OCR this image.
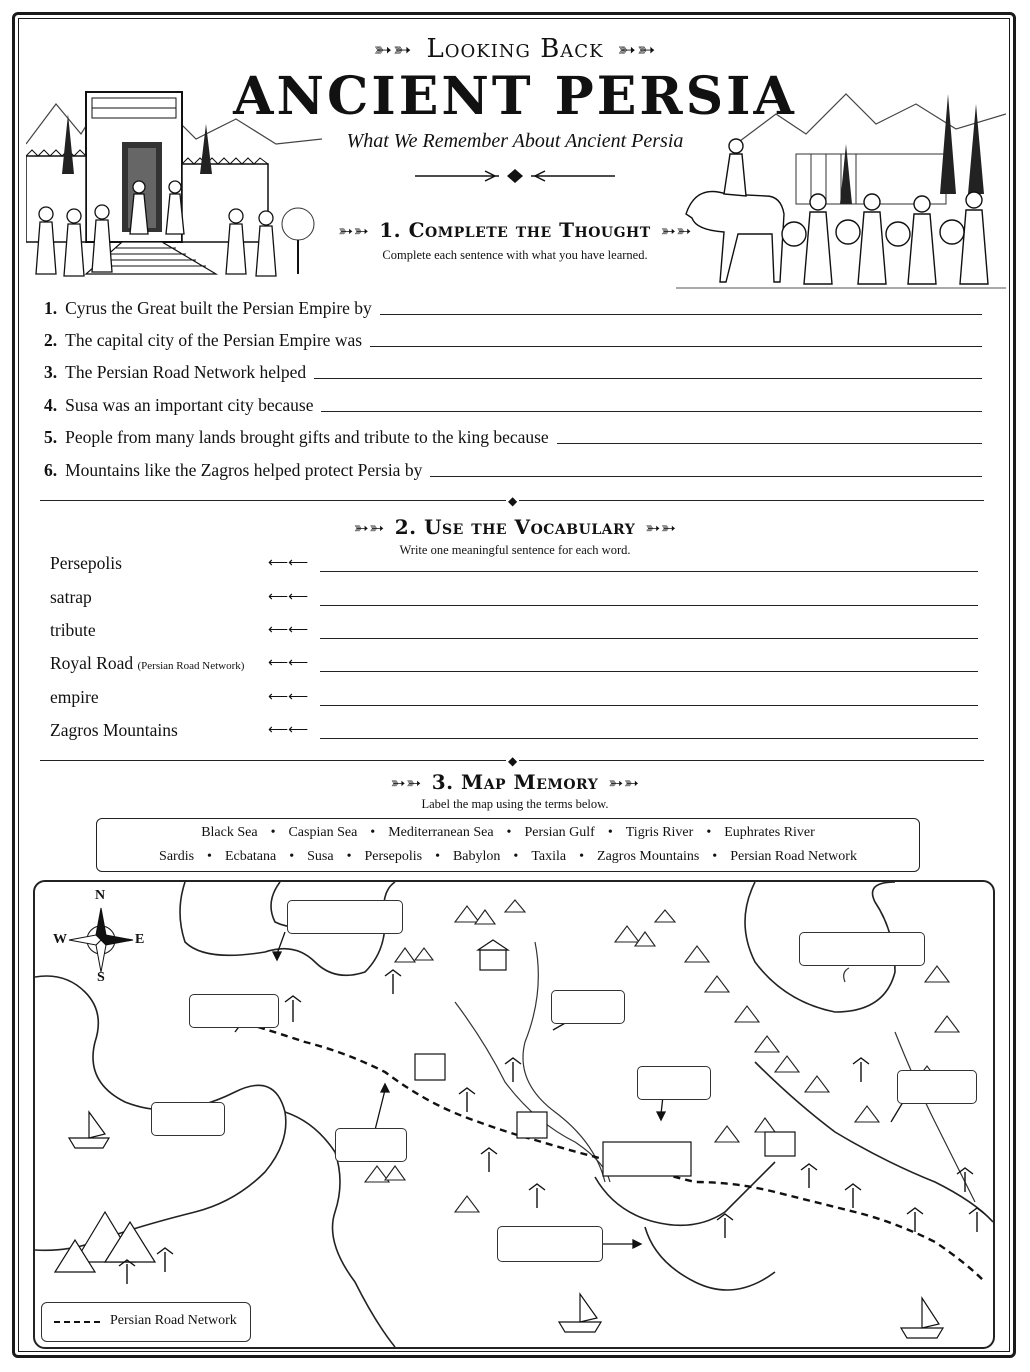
➳➳ Looking Back ➳➳
ANCIENT PERSIA
What We Remember About Ancient Persia
➳➳ 1. Complete the Thought ➳➳
Complete each sentence with what you have learned.
1. Cyrus the Great built the Persian Empire by
2. The capital city of the Persian Empire was
3. The Persian Road Network helped
4. Susa was an important city because
5. People from many lands brought gifts and tribute to the king because
6. Mountains like the Zagros helped protect Persia by
◆
➳➳ 2. Use the Vocabulary ➳➳
Write one meaningful sentence for each word.
Persepolis	⟵⟵
satrap	⟵⟵
tribute	⟵⟵
Royal Road (Persian Road Network) ⟵⟵
empire	⟵⟵
Zagros Mountains	⟵⟵
◆
➳➳ 3. Map Memory ➳➳
Label the map using the terms below.
Black Sea • Caspian Sea • Mediterranean Sea • Persian Gulf • Tigris River • Euphrates River
Sardis • Ecbatana • Susa • Persepolis • Babylon • Taxila • Zagros Mountains • Persian Road Network
N
S
W	E
Persian Road Network
